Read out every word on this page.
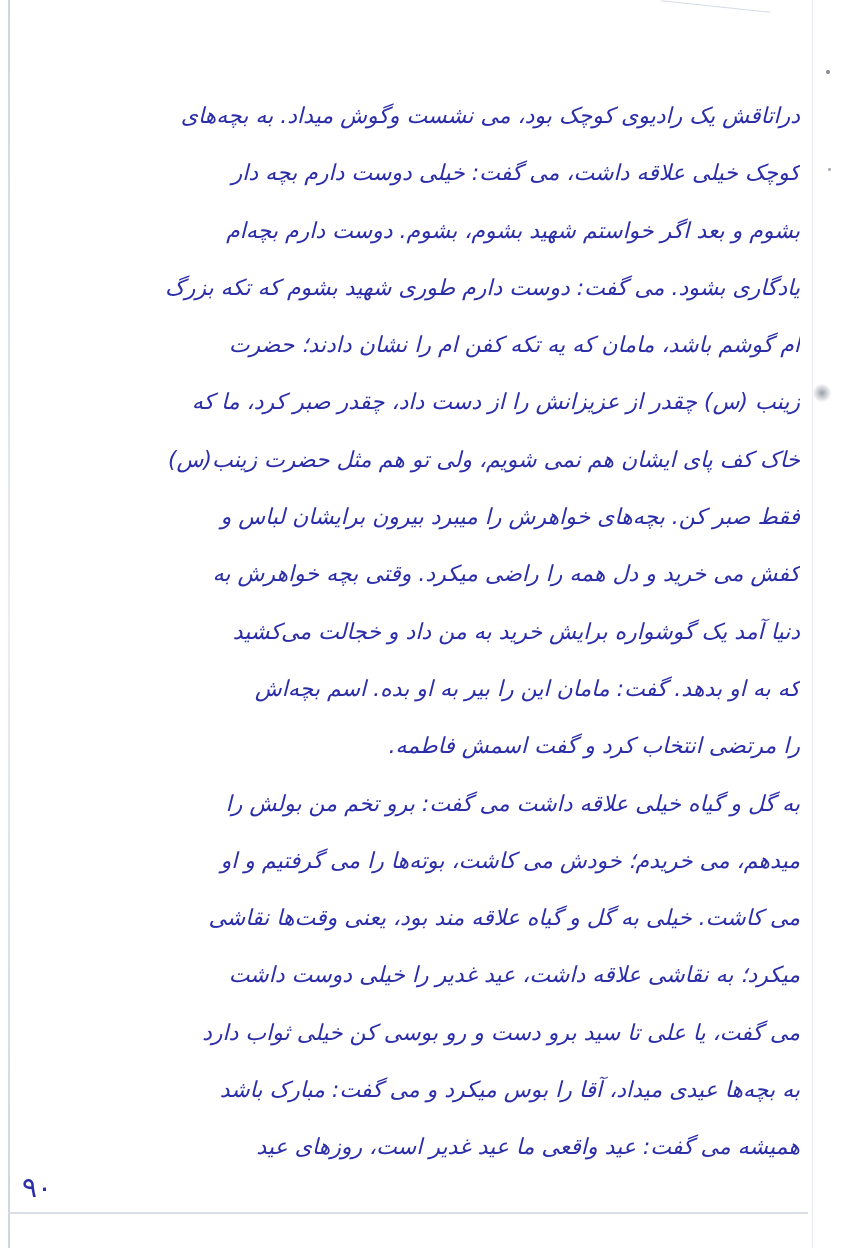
دراتاقش یک رادیوی کوچک بود، می نشست وگوش میداد. به بچه‌های
کوچک خیلی علاقه داشت، می گفت: خیلی دوست دارم بچه دار
بشوم و بعد اگر خواستم شهید بشوم، بشوم. دوست دارم بچه‌ام
یادگاری بشود. می گفت: دوست دارم طوری شهید بشوم که تکه بزرگ
ام گوشم باشد، مامان که یه تکه کفن ام را نشان دادند؛ حضرت
زینب (س) چقدر از عزیزانش را از دست داد، چقدر صبر کرد، ما که
خاک کف پای ایشان هم نمی شویم، ولی تو هم مثل حضرت زینب(س)
فقط صبر کن. بچه‌های خواهرش را میبرد بیرون برایشان لباس و
کفش می خرید و دل همه را راضی میکرد. وقتی بچه خواهرش به
دنیا آمد یک گوشواره برایش خرید به من داد و خجالت می‌کشید
که به او بدهد. گفت: مامان این را بیر به او بده. اسم بچه‌اش
را مرتضی انتخاب کرد و گفت اسمش فاطمه.
به گل و گیاه خیلی علاقه داشت می گفت: برو تخم من بولش را
میدهم، می خریدم؛ خودش می کاشت، بوته‌ها را می گرفتیم و او
می کاشت. خیلی به گل و گیاه علاقه مند بود، یعنی وقت‌ها نقاشی
میکرد؛ به نقاشی علاقه داشت، عید غدیر را خیلی دوست داشت
می گفت، یا علی تا سید برو دست و رو بوسی کن خیلی ثواب دارد
به بچه‌ها عیدی میداد، آقا را بوس میکرد و می گفت: مبارک باشد
همیشه می گفت: عید واقعی ما عید غدیر است، روزهای عید
۹۰
